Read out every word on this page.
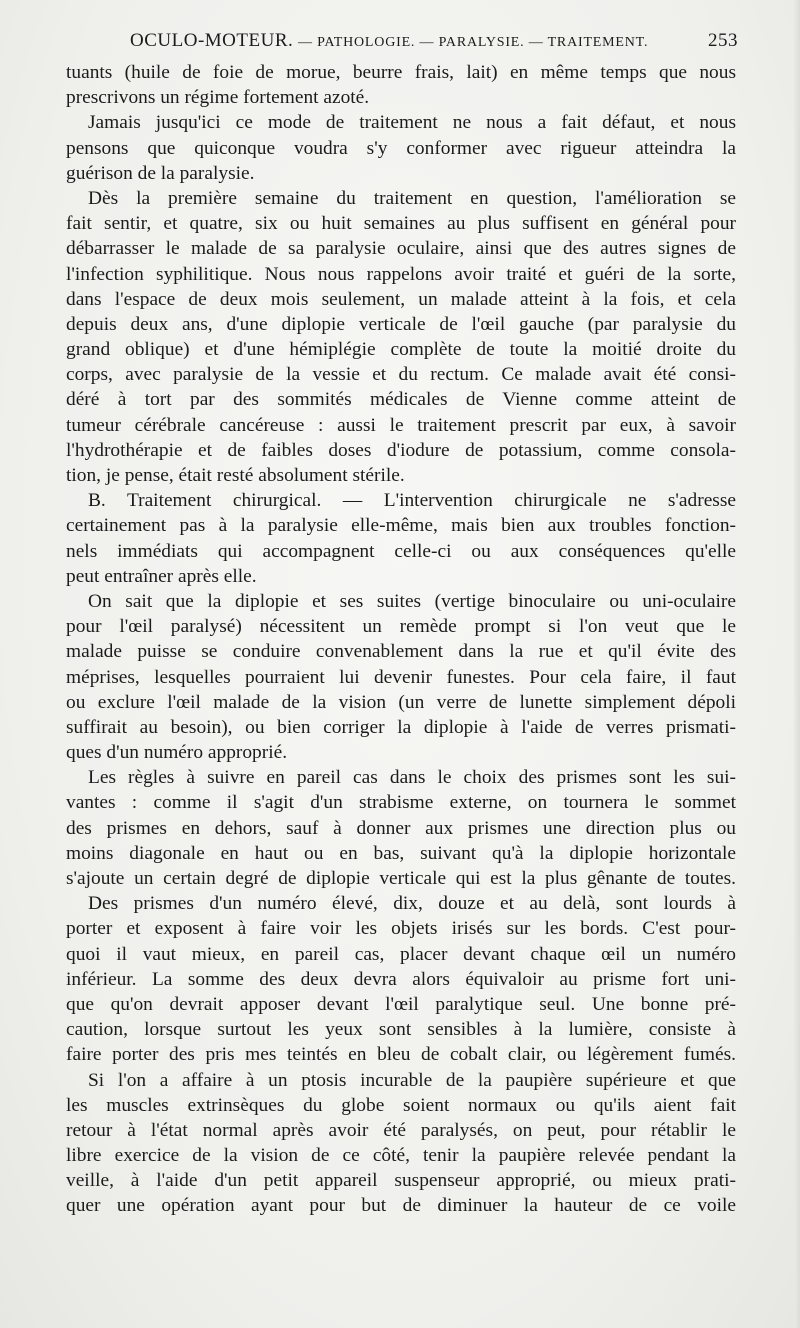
OCULO-MOTEUR. — PATHOLOGIE. — PARALYSIE. — TRAITEMENT.	253
tuants (huile de foie de morue, beurre frais, lait) en même temps que nous
prescrivons un régime fortement azoté.
Jamais jusqu'ici ce mode de traitement ne nous a fait défaut, et nous
pensons que quiconque voudra s'y conformer avec rigueur atteindra la
guérison de la paralysie.
Dès la première semaine du traitement en question, l'amélioration se
fait sentir, et quatre, six ou huit semaines au plus suffisent en général pour
débarrasser le malade de sa paralysie oculaire, ainsi que des autres signes de
l'infection syphilitique. Nous nous rappelons avoir traité et guéri de la sorte,
dans l'espace de deux mois seulement, un malade atteint à la fois, et cela
depuis deux ans, d'une diplopie verticale de l'œil gauche (par paralysie du
grand oblique) et d'une hémiplégie complète de toute la moitié droite du
corps, avec paralysie de la vessie et du rectum. Ce malade avait été consi-
déré à tort par des sommités médicales de Vienne comme atteint de
tumeur cérébrale cancéreuse : aussi le traitement prescrit par eux, à savoir
l'hydrothérapie et de faibles doses d'iodure de potassium, comme consola-
tion, je pense, était resté absolument stérile.
B. Traitement chirurgical. — L'intervention chirurgicale ne s'adresse
certainement pas à la paralysie elle-même, mais bien aux troubles fonction-
nels immédiats qui accompagnent celle-ci ou aux conséquences qu'elle
peut entraîner après elle.
On sait que la diplopie et ses suites (vertige binoculaire ou uni-oculaire
pour l'œil paralysé) nécessitent un remède prompt si l'on veut que le
malade puisse se conduire convenablement dans la rue et qu'il évite des
méprises, lesquelles pourraient lui devenir funestes. Pour cela faire, il faut
ou exclure l'œil malade de la vision (un verre de lunette simplement dépoli
suffirait au besoin), ou bien corriger la diplopie à l'aide de verres prismati-
ques d'un numéro approprié.
Les règles à suivre en pareil cas dans le choix des prismes sont les sui-
vantes : comme il s'agit d'un strabisme externe, on tournera le sommet
des prismes en dehors, sauf à donner aux prismes une direction plus ou
moins diagonale en haut ou en bas, suivant qu'à la diplopie horizontale
s'ajoute un certain degré de diplopie verticale qui est la plus gênante de toutes.
Des prismes d'un numéro élevé, dix, douze et au delà, sont lourds à
porter et exposent à faire voir les objets irisés sur les bords. C'est pour-
quoi il vaut mieux, en pareil cas, placer devant chaque œil un numéro
inférieur. La somme des deux devra alors équivaloir au prisme fort uni-
que qu'on devrait apposer devant l'œil paralytique seul. Une bonne pré-
caution, lorsque surtout les yeux sont sensibles à la lumière, consiste à
faire porter des pris mes teintés en bleu de cobalt clair, ou légèrement fumés.
Si l'on a affaire à un ptosis incurable de la paupière supérieure et que
les muscles extrinsèques du globe soient normaux ou qu'ils aient fait
retour à l'état normal après avoir été paralysés, on peut, pour rétablir le
libre exercice de la vision de ce côté, tenir la paupière relevée pendant la
veille, à l'aide d'un petit appareil suspenseur approprié, ou mieux prati-
quer une opération ayant pour but de diminuer la hauteur de ce voile
